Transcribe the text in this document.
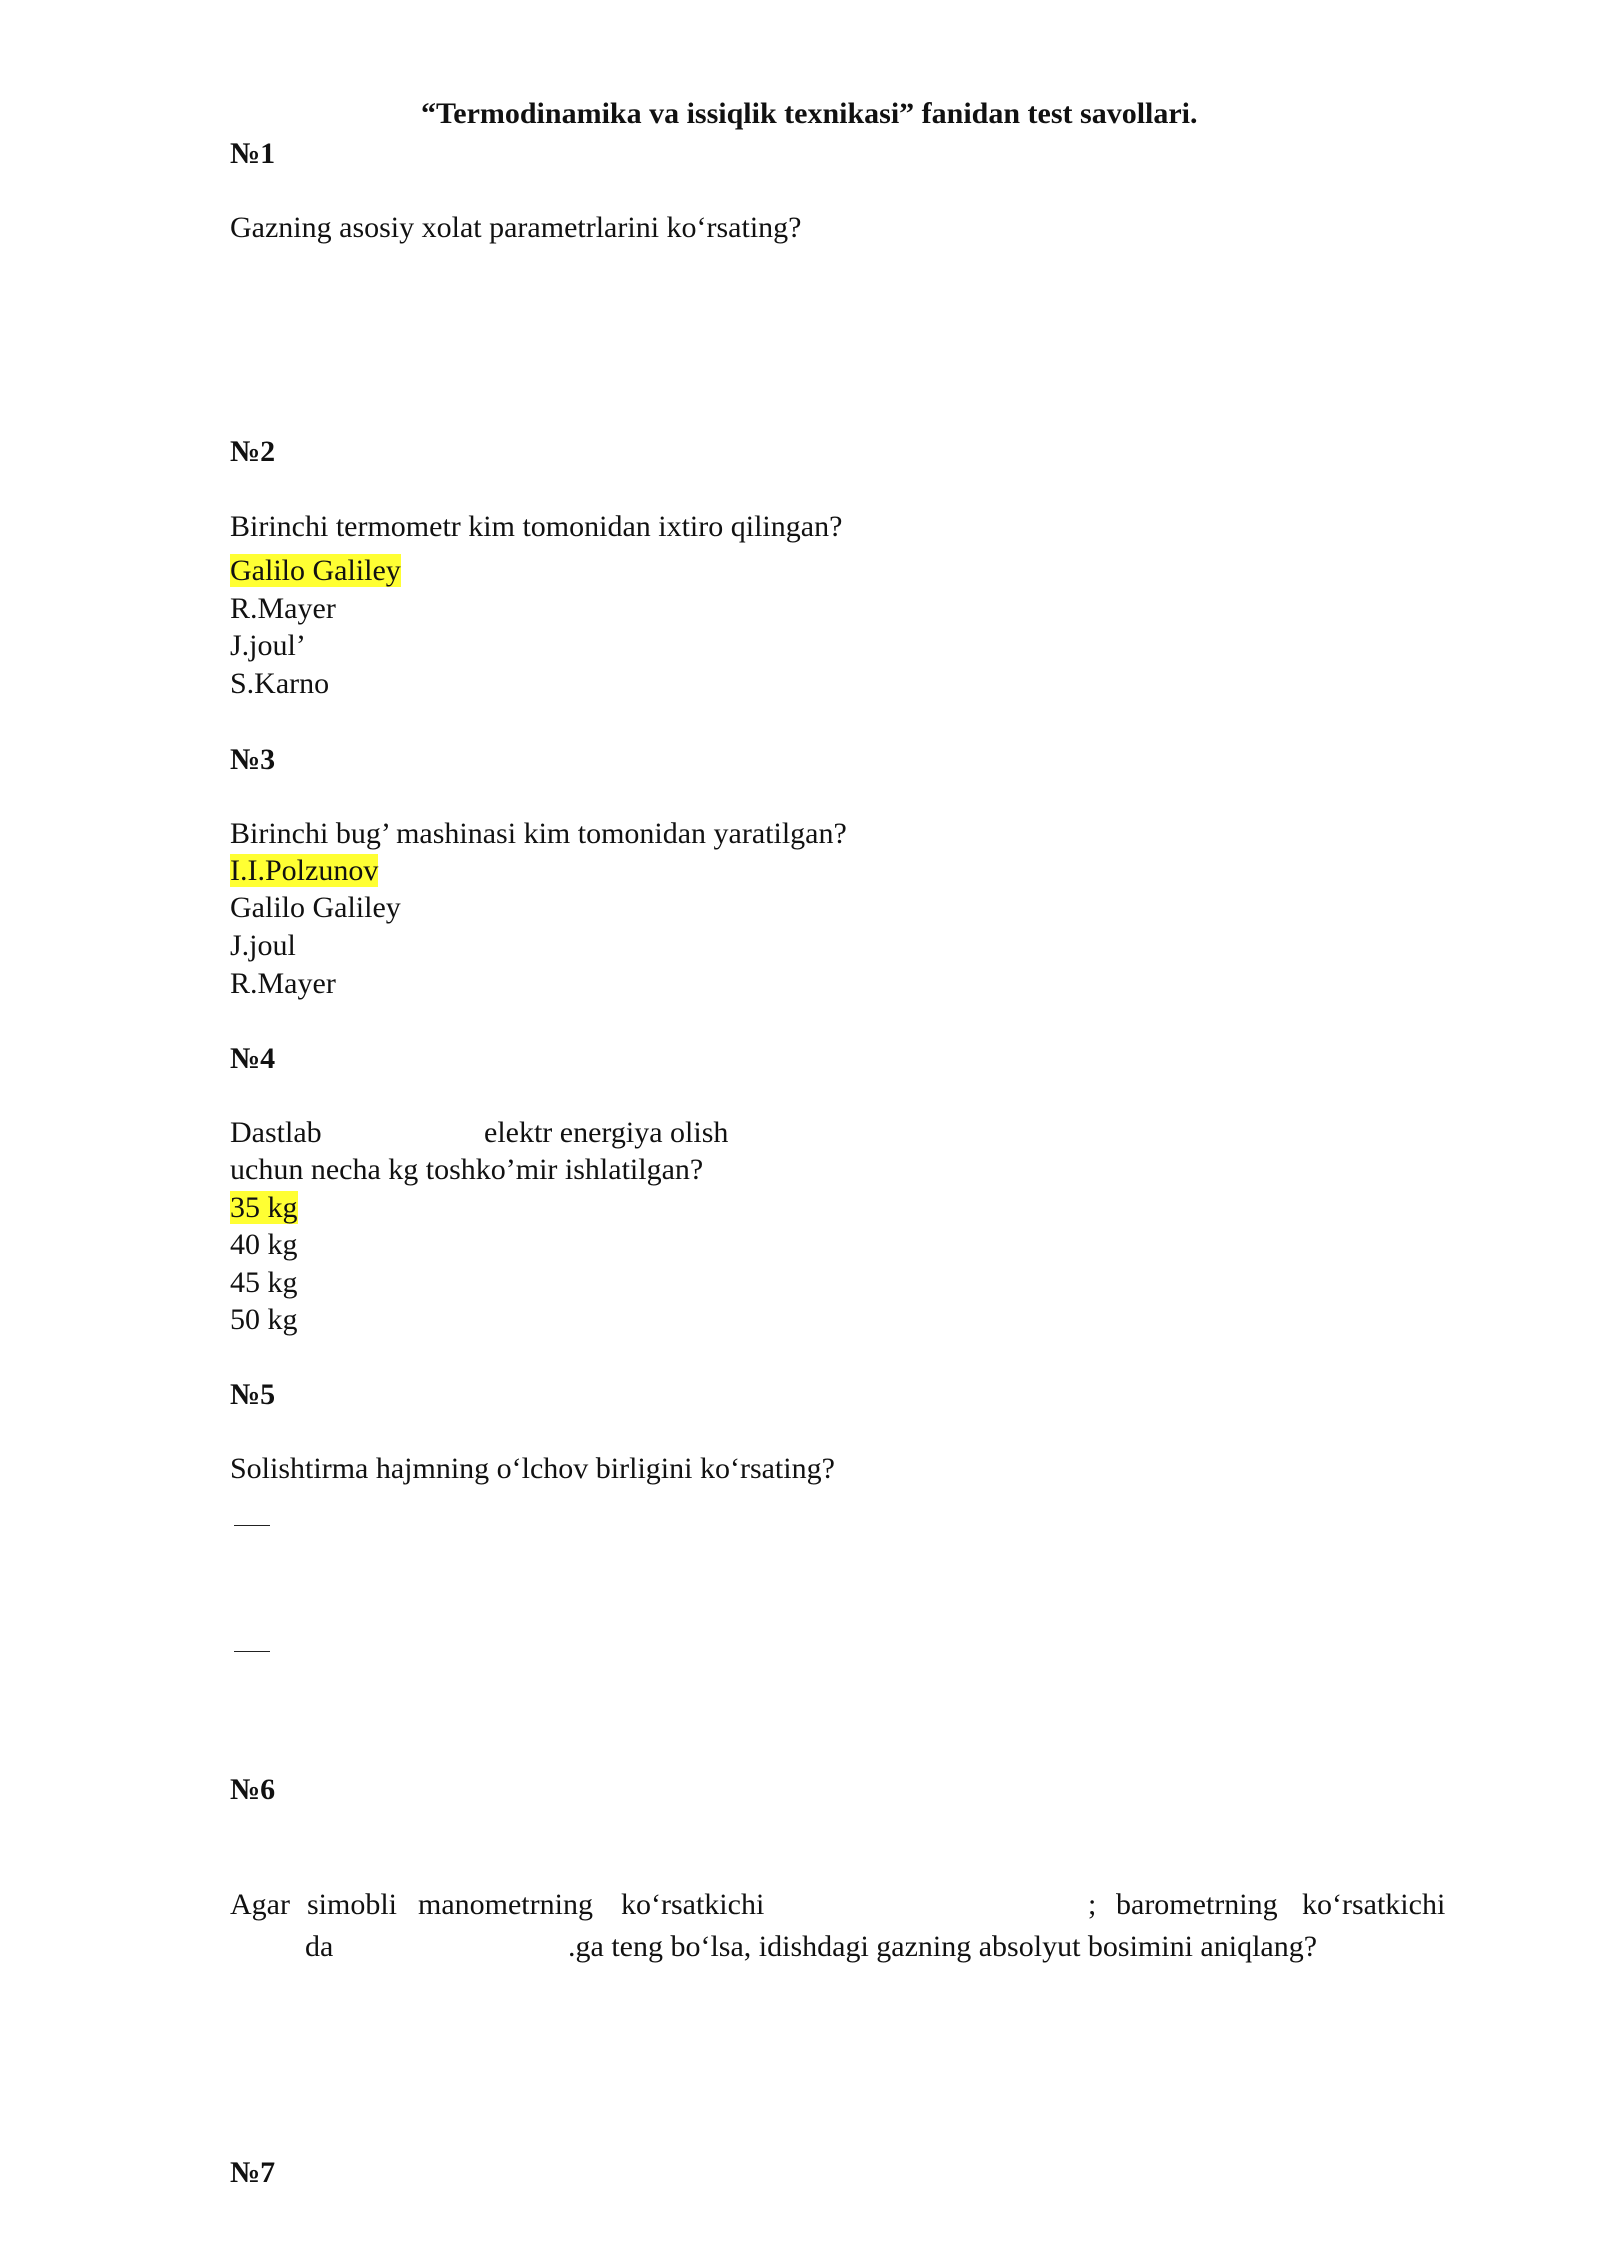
“Termodinamika va issiqlik texnikasi” fanidan test savollari.
№1
Gazning asosiy xolat parametrlarini ko‘rsating?
№2
Birinchi termometr kim tomonidan ixtiro qilingan?
Galilo Galiley
R.Mayer
J.joul’
S.Karno
№3
Birinchi bug’ mashinasi kim tomonidan yaratilgan?
I.I.Polzunov
Galilo Galiley
J.joul
R.Mayer
№4
Dastlab	elektr energiya olish
uchun necha kg toshko’mir ishlatilgan?
35 kg
40 kg
45 kg
50 kg
№5
Solishtirma hajmning o‘lchov birligini ko‘rsating?
№6
Agar simobli manometrning ko‘rsatkichi	; barometrning ko‘rsatkichi
da	.ga teng bo‘lsa, idishdagi gazning absolyut bosimini aniqlang?
№7
